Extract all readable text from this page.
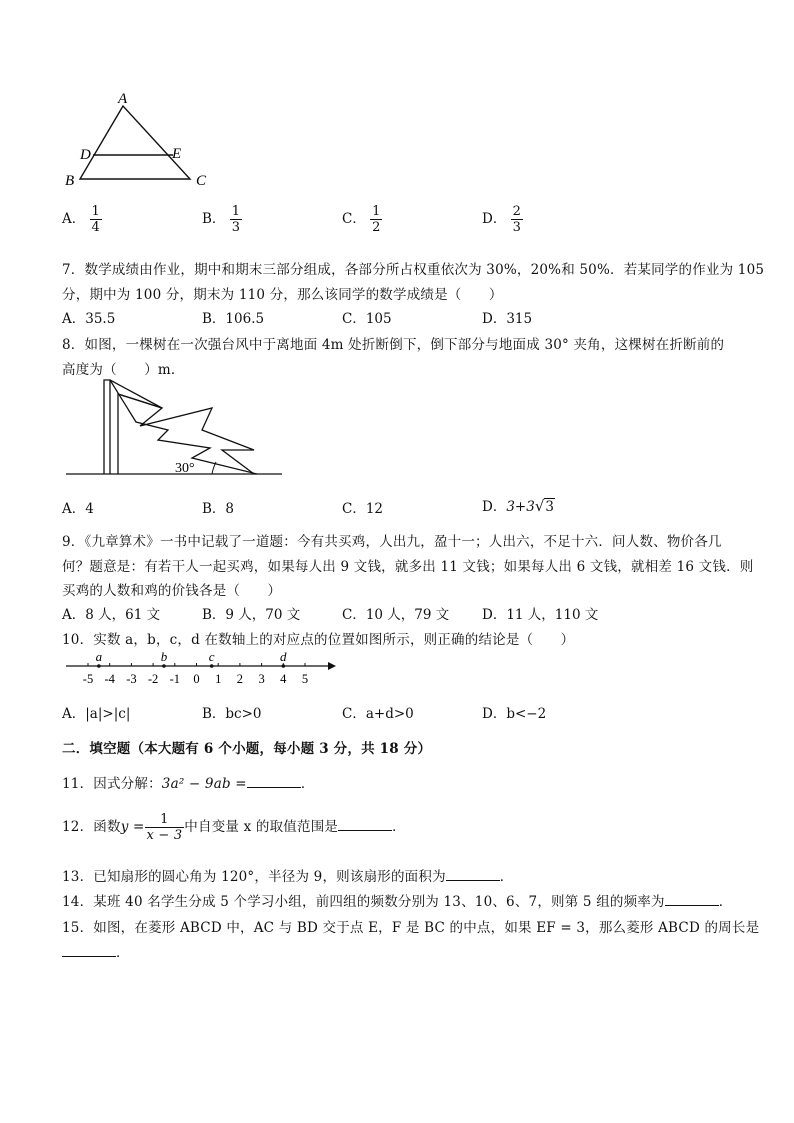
A
D	E
B	C
A． $\frac{1}{4}$	B． $\frac{1}{3}$	C． $\frac{1}{2}$	D． $\frac{2}{3}$
7．数学成绩由作业，期中和期末三部分组成，各部分所占权重依次为 30%，20%和 50%．若某同学的作业为 105
分，期中为 100 分，期末为 110 分，那么该同学的数学成绩是（　　）
A．35.5	B．106.5	C．105	D．315
8．如图，一棵树在一次强台风中于离地面 4m 处折断倒下，倒下部分与地面成 30° 夹角，这棵树在折断前的
高度为（　　）m．
30°
A．4	B．8	C．12	D．3+3√3
9．《九章算术》一书中记载了一道题：今有共买鸡，人出九，盈十一；人出六，不足十六．问人数、物价各几
何？题意是：有若干人一起买鸡，如果每人出 9 文钱，就多出 11 文钱；如果每人出 6 文钱，就相差 16 文钱．则
买鸡的人数和鸡的价钱各是（　　）
A．8 人，61 文	B．9 人，70 文	C．10 人，79 文 D．11 人，110 文
10．实数 a，b，c，d 在数轴上的对应点的位置如图所示，则正确的结论是（　　）
-5 -4 -3 -2 -1 0 1 2 3 4 5
a	b	c	d
A．|a|>|c|	B．bc>0	C．a+d>0	D．b<−2
二．填空题（本大题有 6 个小题，每小题 3 分，共 18 分）
11．因式分解：3a² − 9ab =	．
12．函数$y = \frac{1}{x - 3}$ 中自变量 x 的取值范围是	．
13．已知扇形的圆心角为 120°，半径为 9，则该扇形的面积为	．
14．某班 40 名学生分成 5 个学习小组，前四组的频数分别为 13、10、6、7，则第 5 组的频率为	．
15．如图，在菱形 ABCD 中，AC 与 BD 交于点 E，F 是 BC 的中点，如果 EF = 3，那么菱形 ABCD 的周长是
．
